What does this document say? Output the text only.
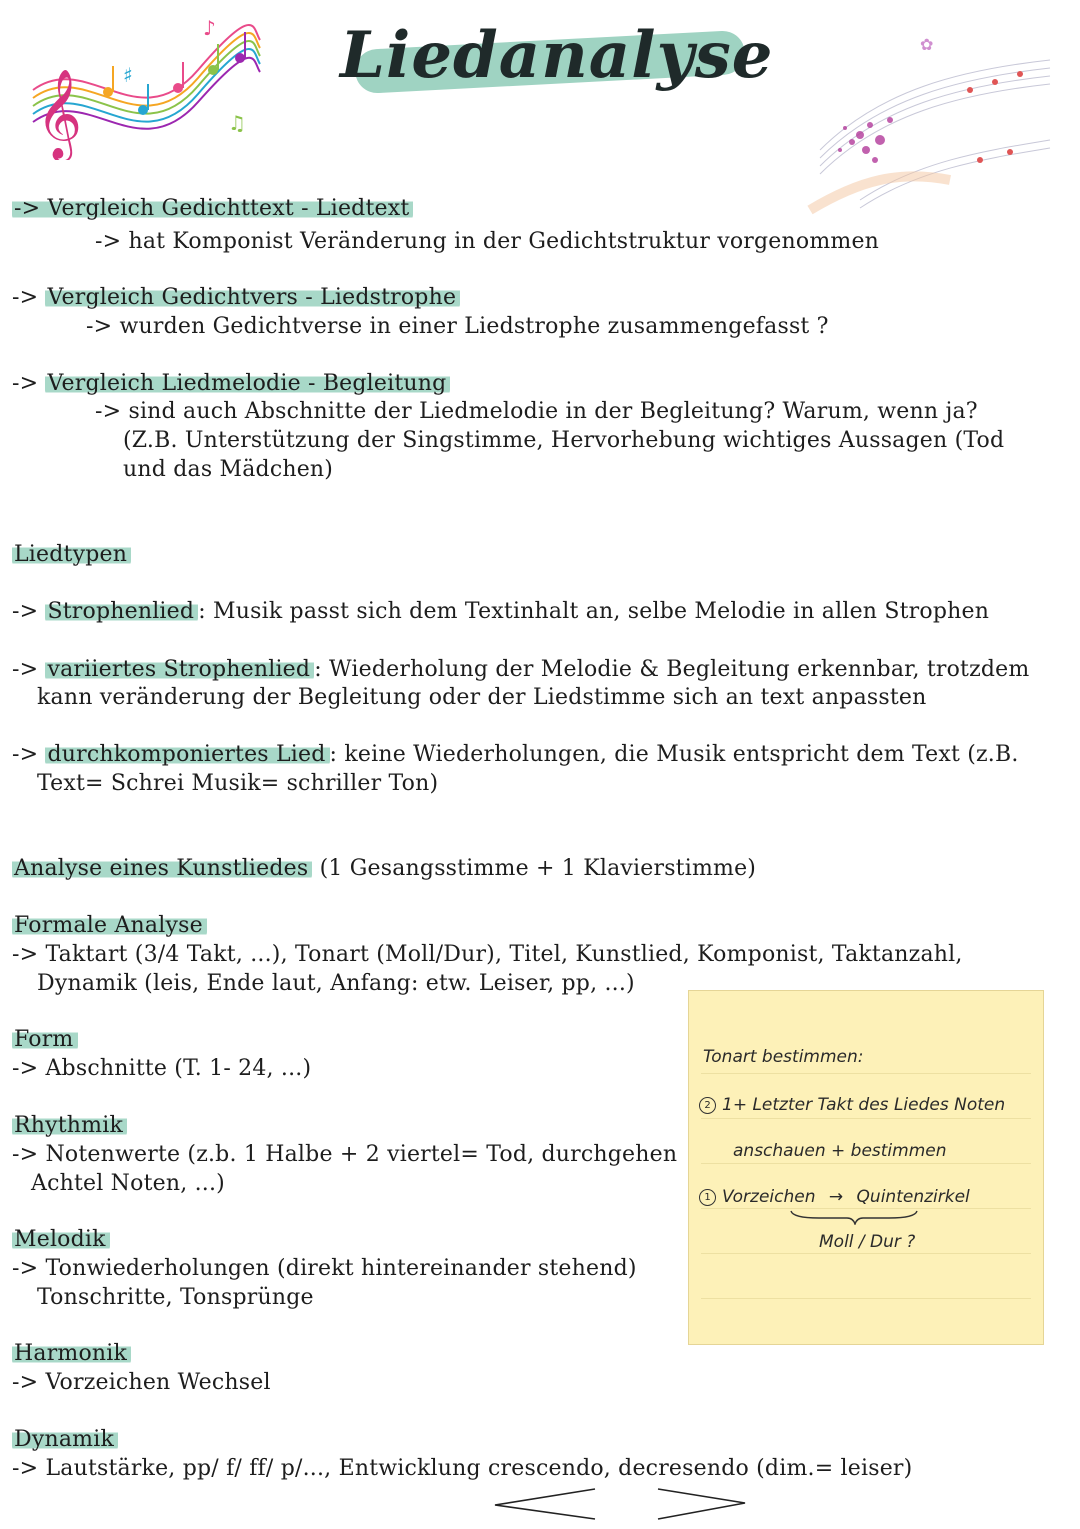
𝄞 ♯
♫
♪ Liedanalyse	✿
-> Vergleich Gedichttext - Liedtext
-> hat Komponist Veränderung in der Gedichtstruktur vorgenommen
-> Vergleich Gedichtvers - Liedstrophe
-> wurden Gedichtverse in einer Liedstrophe zusammengefasst ?
-> Vergleich Liedmelodie - Begleitung
-> sind auch Abschnitte der Liedmelodie in der Begleitung? Warum, wenn ja?
(Z.B. Unterstützung der Singstimme, Hervorhebung wichtiges Aussagen (Tod
und das Mädchen)
Liedtypen
-> Strophenlied : Musik passt sich dem Textinhalt an, selbe Melodie in allen Strophen
-> variiertes Strophenlied : Wiederholung der Melodie & Begleitung erkennbar, trotzdem
kann veränderung der Begleitung oder der Liedstimme sich an text anpassten
-> durchkomponiertes Lied : keine Wiederholungen, die Musik entspricht dem Text (z.B.
Text= Schrei Musik= schriller Ton)
Analyse eines Kunstliedes (1 Gesangsstimme + 1 Klavierstimme)
Formale Analyse
-> Taktart (3/4 Takt, ...), Tonart (Moll/Dur), Titel, Kunstlied, Komponist, Taktanzahl,
Dynamik (leis, Ende laut, Anfang: etw. Leiser, pp, ...)
Form
-> Abschnitte (T. 1- 24, ...)
Rhythmik
-> Notenwerte (z.b. 1 Halbe + 2 viertel= Tod, durchgehen
Achtel Noten, ...)
Melodik
-> Tonwiederholungen (direkt hintereinander stehend)
Tonschritte, Tonsprünge
Harmonik
-> Vorzeichen Wechsel
Dynamik
-> Lautstärke, pp/ f/ ff/ p/..., Entwicklung crescendo, decresendo (dim.= leiser)
Tonart bestimmen:
2 1+ Letzter Takt des Liedes Noten
anschauen + bestimmen
1 Vorzeichen → Quintenzirkel
Moll / Dur ?
